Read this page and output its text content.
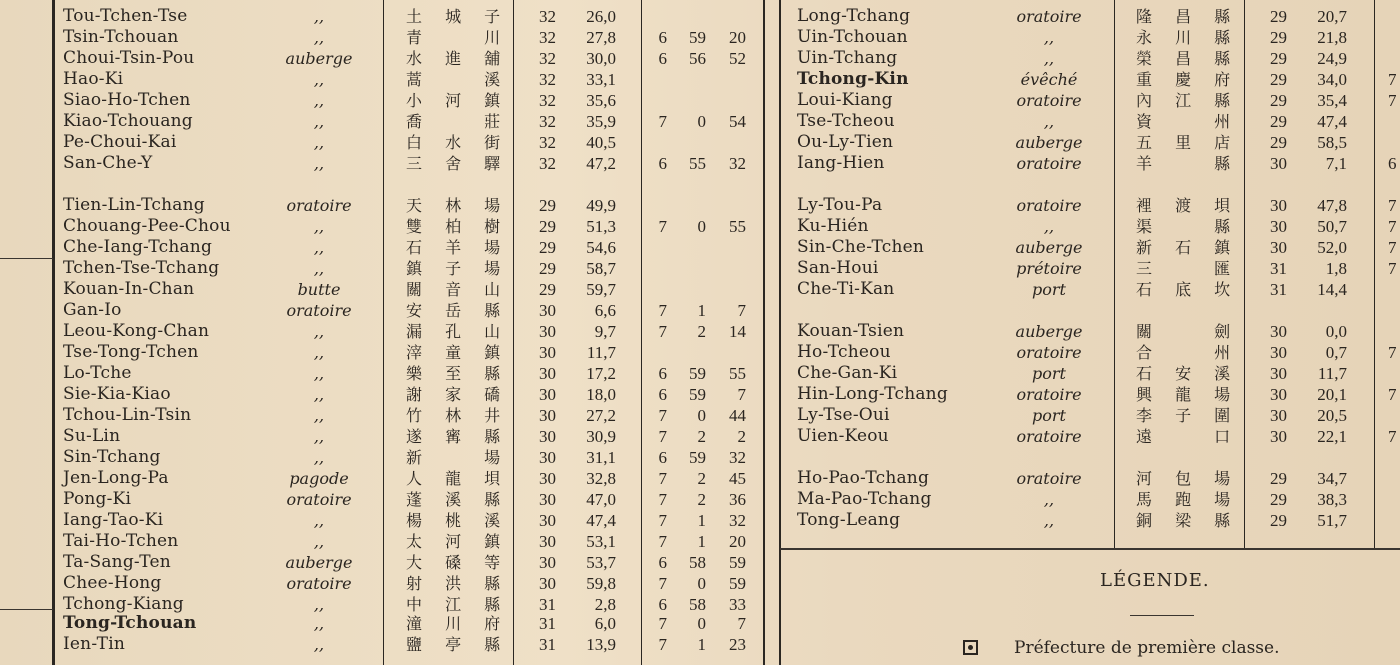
Tou-Tchen-Tse	,,	土 城 子	32	26,0
Tsin-Tchouan	,,	青 　 川	32	27,8	6	59	20
Choui-Tsin-Pou	auberge	水 進 舖	32	30,0	6	56	52
Hao-Ki	,,	蒿 　 溪	32	33,1
Siao-Ho-Tchen	,,	小 河 鎮	32	35,6
Kiao-Tchouang	,,	喬 　 莊	32	35,9	7	0	54
Pe-Choui-Kai	,,	白 水 街	32	40,5
San-Che-Y	,,	三 舍 驛	32	47,2	6	55	32
Tien-Lin-Tchang	oratoire	天 林 場	29	49,9
Chouang-Pee-Chou	,,	雙 柏 樹	29	51,3	7	0	55
Che-Iang-Tchang	,,	石 羊 場	29	54,6
Tchen-Tse-Tchang	,,	鎮 子 場	29	58,7
Kouan-In-Chan	butte	關 音 山	29	59,7
Gan-Io	oratoire	安 岳 縣	30	6,6	7	1	7
Leou-Kong-Chan	,,	漏 孔 山	30	9,7	7	2	14
Tse-Tong-Tchen	,,	滓 童 鎮	30	11,7
Lo-Tche	,,	樂 至 縣	30	17,2	6	59	55
Sie-Kia-Kiao	,,	謝 家 礄	30	18,0	6	59	7
Tchou-Lin-Tsin	,,	竹 林 井	30	27,2	7	0	44
Su-Lin	,,	遂 寗 縣	30	30,9	7	2	2
Sin-Tchang	,,	新 　 場	30	31,1	6	59	32
Jen-Long-Pa	pagode	人 龍 垻	30	32,8	7	2	45
Pong-Ki	oratoire	蓬 溪 縣	30	47,0	7	2	36
Iang-Tao-Ki	,,	楊 桃 溪	30	47,4	7	1	32
Tai-Ho-Tchen	,,	太 河 鎮	30	53,1	7	1	20
Ta-Sang-Ten	auberge	大 磉 等	30	53,7	6	58	59
Chee-Hong	oratoire	射 洪 縣	30	59,8	7	0	59
Tchong-Kiang	,,	中 江 縣	31	2,8	6	58	33
Tong-Tchouan	,,	潼 川 府	31	6,0	7	0	7
Ien-Tin	,,	鹽 亭 縣	31	13,9	7	1	23
Long-Tchang	oratoire	隆 昌 縣	29	20,7
Uin-Tchouan	,,	永 川 縣	29	21,8
Uin-Tchang	,,	榮 昌 縣	29	24,9
Tchong-Kin	évêché	重 慶 府	29	34,0 7
Loui-Kiang	oratoire	內 江 縣	29	35,4 7
Tse-Tcheou	,,	資 　 州	29	47,4
Ou-Ly-Tien	auberge	五 里 店	29	58,5
Iang-Hien	oratoire	羊 　 縣	30	7,1 6
Ly-Tou-Pa	oratoire	裡 渡 垻	30	47,8 7
Ku-Hién	,,	渠 　 縣	30	50,7 7
Sin-Che-Tchen	auberge	新 石 鎮	30	52,0 7
San-Houi	prétoire	三 　 匯	31	1,8 7
Che-Ti-Kan	port	石 底 坎	31	14,4
Kouan-Tsien	auberge	關 　 劍	30	0,0
Ho-Tcheou	oratoire	合 　 州	30	0,7 7
Che-Gan-Ki	port	石 安 溪	30	11,7
Hin-Long-Tchang	oratoire	興 龍 場	30	20,1 7
Ly-Tse-Oui	port	李 子 圍	30	20,5
Uien-Keou	oratoire	遠 　 口	30	22,1 7
Ho-Pao-Tchang	oratoire	河 包 場	29	34,7
Ma-Pao-Tchang	,,	馬 跑 場	29	38,3
Tong-Leang	,,	銅 梁 縣	29	51,7
LÉGENDE.
Préfecture de première classe.
